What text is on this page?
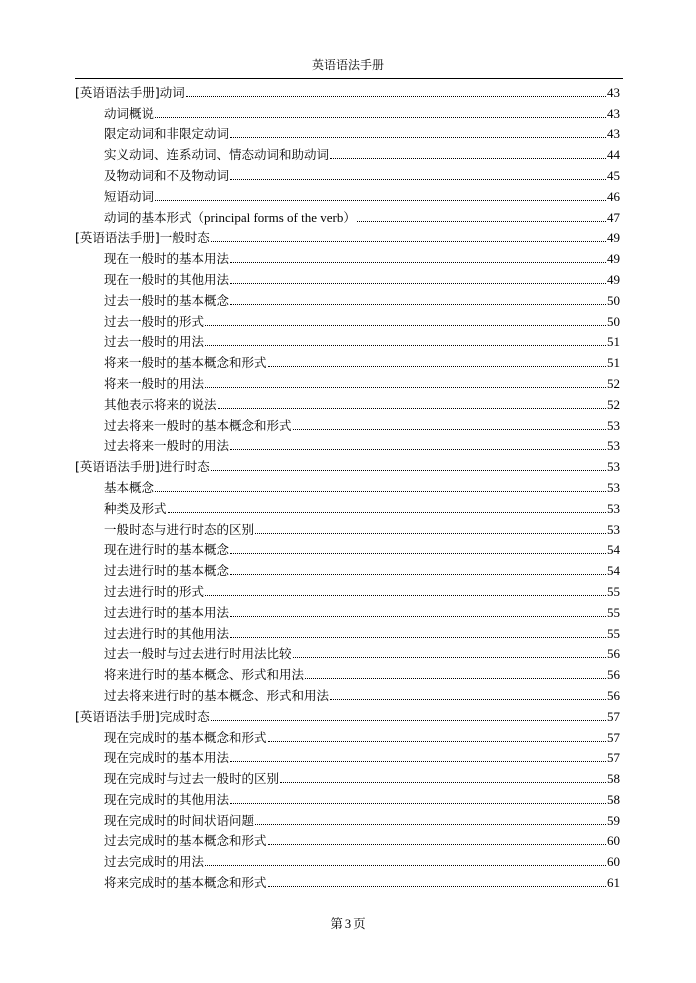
英语语法手册
[英语语法手册]动词	43
动词概说	43
限定动词和非限定动词	43
实义动词、连系动词、情态动词和助动词	44
及物动词和不及物动词	45
短语动词	46
动词的基本形式（principal forms of the verb）	47
[英语语法手册]一般时态	49
现在一般时的基本用法	49
现在一般时的其他用法	49
过去一般时的基本概念	50
过去一般时的形式	50
过去一般时的用法	51
将来一般时的基本概念和形式	51
将来一般时的用法	52
其他表示将来的说法	52
过去将来一般时的基本概念和形式	53
过去将来一般时的用法	53
[英语语法手册]进行时态	53
基本概念	53
种类及形式	53
一般时态与进行时态的区别	53
现在进行时的基本概念	54
过去进行时的基本概念	54
过去进行时的形式	55
过去进行时的基本用法	55
过去进行时的其他用法	55
过去一般时与过去进行时用法比较	56
将来进行时的基本概念、形式和用法	56
过去将来进行时的基本概念、形式和用法	56
[英语语法手册]完成时态	57
现在完成时的基本概念和形式	57
现在完成时的基本用法	57
现在完成时与过去一般时的区别	58
现在完成时的其他用法	58
现在完成时的时间状语问题	59
过去完成时的基本概念和形式	60
过去完成时的用法	60
将来完成时的基本概念和形式	61
第 3 页
